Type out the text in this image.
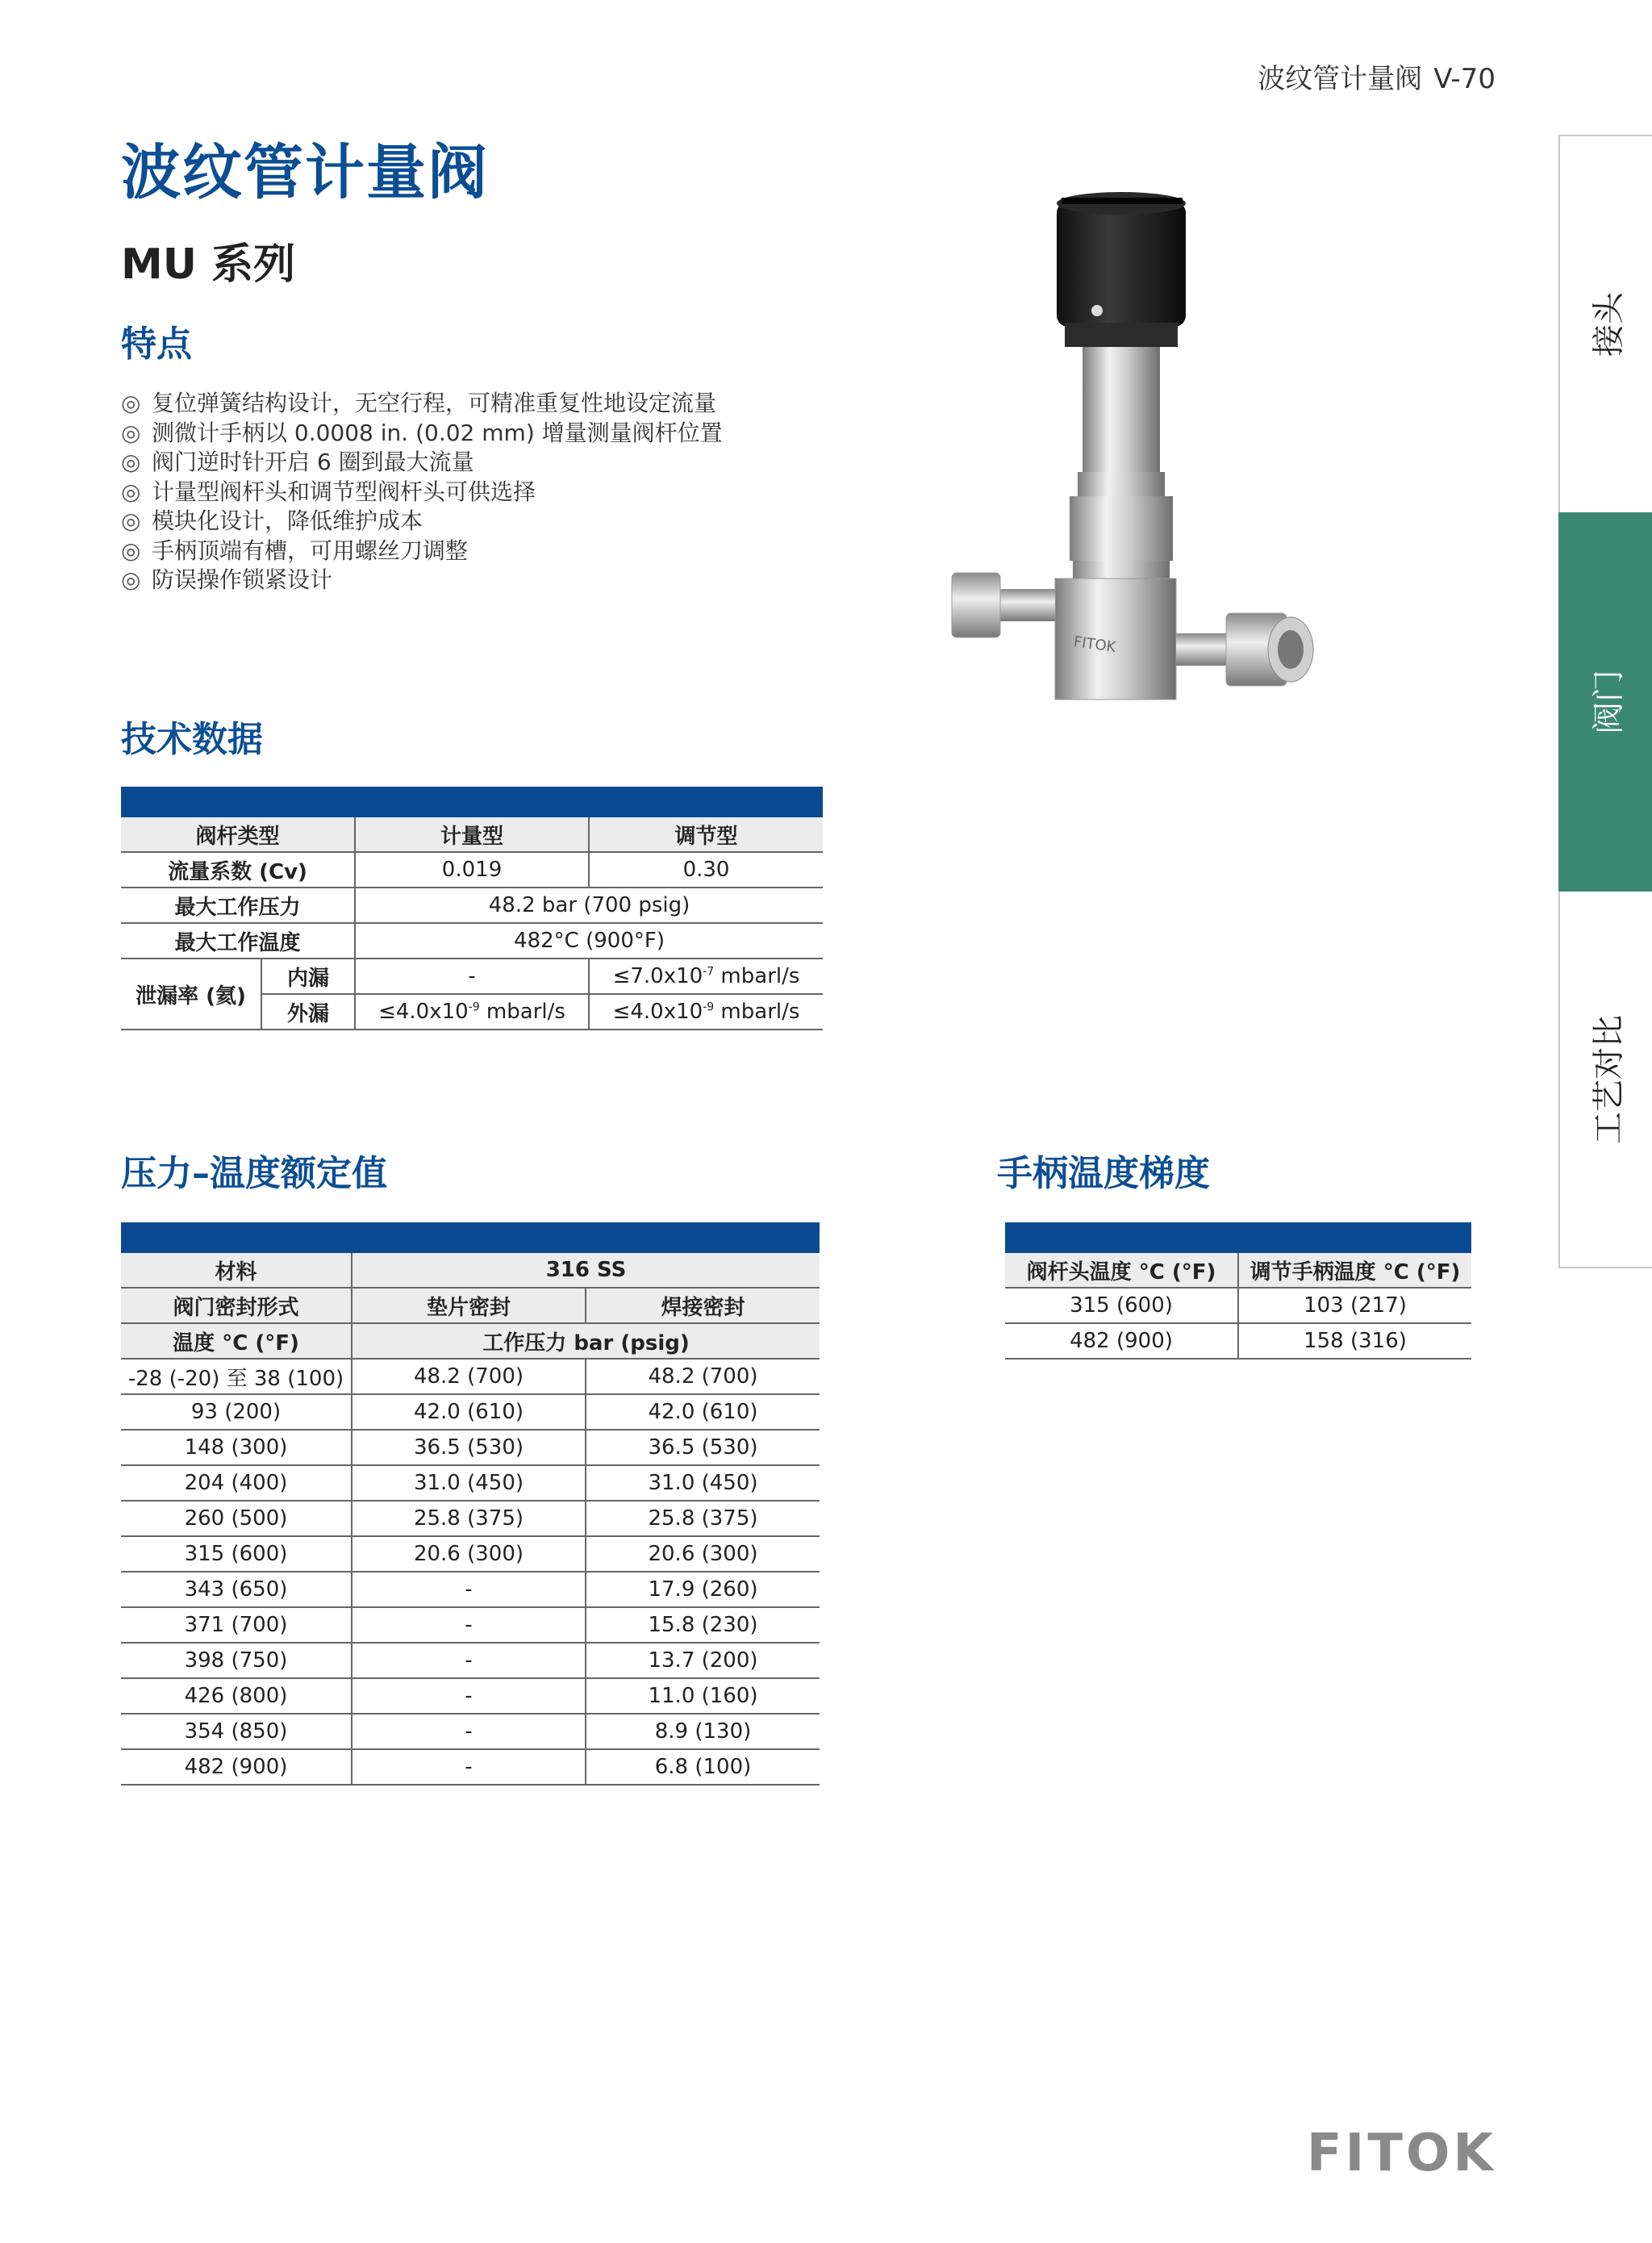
波纹管计量阀 V-70
波纹管计量阀
MU 系列
特点
◎ 复位弹簧结构设计，无空行程，可精准重复性地设定流量
◎ 测微计手柄以 0.0008 in. (0.02 mm) 增量测量阀杆位置
◎ 阀门逆时针开启 6 圈到最大流量
◎ 计量型阀杆头和调节型阀杆头可供选择
◎ 模块化设计，降低维护成本
◎ 手柄顶端有槽，可用螺丝刀调整
◎ 防误操作锁紧设计
FITOK
接头
阀门
工艺对比
技术数据
阀杆类型		计量型	调节型
流量系数 (Cv)		0.019	0.30
最大工作压力		48.2 bar (700 psig)	
最大工作温度		482°C (900°F)	
泄漏率 (氦)	内漏	-	$\le 7.0x10^{-7}$ mbarl/s
	外漏	$\le 4.0x10^{-9}$ mbarl/s	$\le 4.0x10^{-9}$ mbarl/s
压力–温度额定值
材料	316 SS	
阀门密封形式	垫片密封	焊接密封
温度 °C (°F)	工作压力 bar (psig)	
-28 (-20) 至 38 (100)	48.2 (700)	48.2 (700)
93 (200)	42.0 (610)	42.0 (610)
148 (300)	36.5 (530)	36.5 (530)
204 (400)	31.0 (450)	31.0 (450)
260 (500)	25.8 (375)	25.8 (375)
315 (600)	20.6 (300)	20.6 (300)
343 (650)	-	17.9 (260)
371 (700)	-	15.8 (230)
398 (750)	-	13.7 (200)
426 (800)	-	11.0 (160)
354 (850)	-	8.9 (130)
482 (900)	-	6.8 (100)
手柄温度梯度
阀杆头温度 °C (°F)	调节手柄温度 °C (°F)
315 (600)	103 (217)
482 (900)	158 (316)
FITOK
